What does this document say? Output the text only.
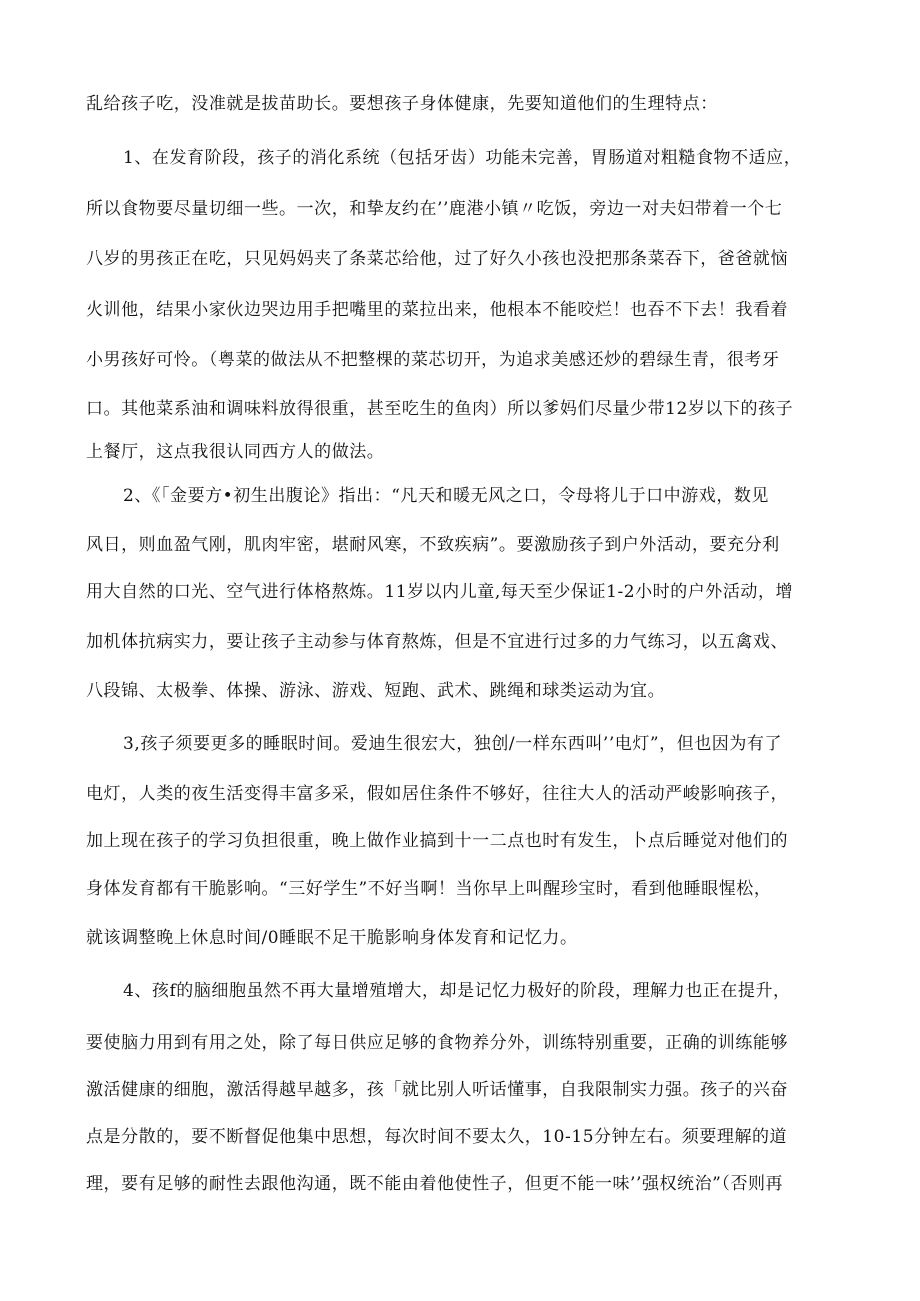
乱给孩子吃，没准就是拔苗助长。要想孩子身体健康，先要知道他们的生理特点：
1、在发育阶段，孩子的消化系统（包括牙齿）功能未完善，胃肠道对粗糙食物不适应，
所以食物要尽量切细一些。一次，和挚友约在’’鹿港小镇〃吃饭，旁边一对夫妇带着一个七
八岁的男孩正在吃，只见妈妈夹了条菜芯给他，过了好久小孩也没把那条菜吞下，爸爸就恼
火训他，结果小家伙边哭边用手把嘴里的菜拉出来，他根本不能咬烂！也吞不下去！我看着
小男孩好可怜。（粤菜的做法从不把整棵的菜芯切开，为追求美感还炒的碧绿生青，很考牙
口。其他菜系油和调味料放得很重，甚至吃生的鱼肉）所以爹妈们尽量少带12岁以下的孩子
上餐厅，这点我很认同西方人的做法。
2、《「金要方•初生出腹论》指出：“凡天和暖无风之口，令母将儿于口中游戏，数见
风日，则血盈气刚，肌肉牢密，堪耐风寒，不致疾病”。要激励孩子到户外活动，要充分利
用大自然的口光、空气进行体格熬炼。11岁以内儿童,每天至少保证1-2小时的户外活动，增
加机体抗病实力，要让孩子主动参与体育熬炼，但是不宜进行过多的力气练习，以五禽戏、
八段锦、太极拳、体操、游泳、游戏、短跑、武术、跳绳和球类运动为宜。
3,孩子须要更多的睡眠时间。爱迪生很宏大，独创/一样东西叫’’电灯”，但也因为有了
电灯，人类的夜生活变得丰富多采，假如居住条件不够好，往往大人的活动严峻影响孩子，
加上现在孩子的学习负担很重，晚上做作业搞到十一二点也时有发生，卜点后睡觉对他们的
身体发育都有干脆影响。“三好学生”不好当啊！当你早上叫醒珍宝时，看到他睡眼惺松，
就该调整晚上休息时间/0睡眠不足干脆影响身体发育和记忆力。
4、孩f的脑细胞虽然不再大量增殖增大，却是记忆力极好的阶段，理解力也正在提升，
要使脑力用到有用之处，除了每日供应足够的食物养分外，训练特别重要，正确的训练能够
激活健康的细胞，激活得越早越多，孩「就比别人听话懂事，自我限制实力强。孩子的兴奋
点是分散的，要不断督促他集中思想，每次时间不要太久，10-15分钟左右。须要理解的道
理，要有足够的耐性去跟他沟通，既不能由着他使性子，但更不能一味’’强权统治”（否则再
